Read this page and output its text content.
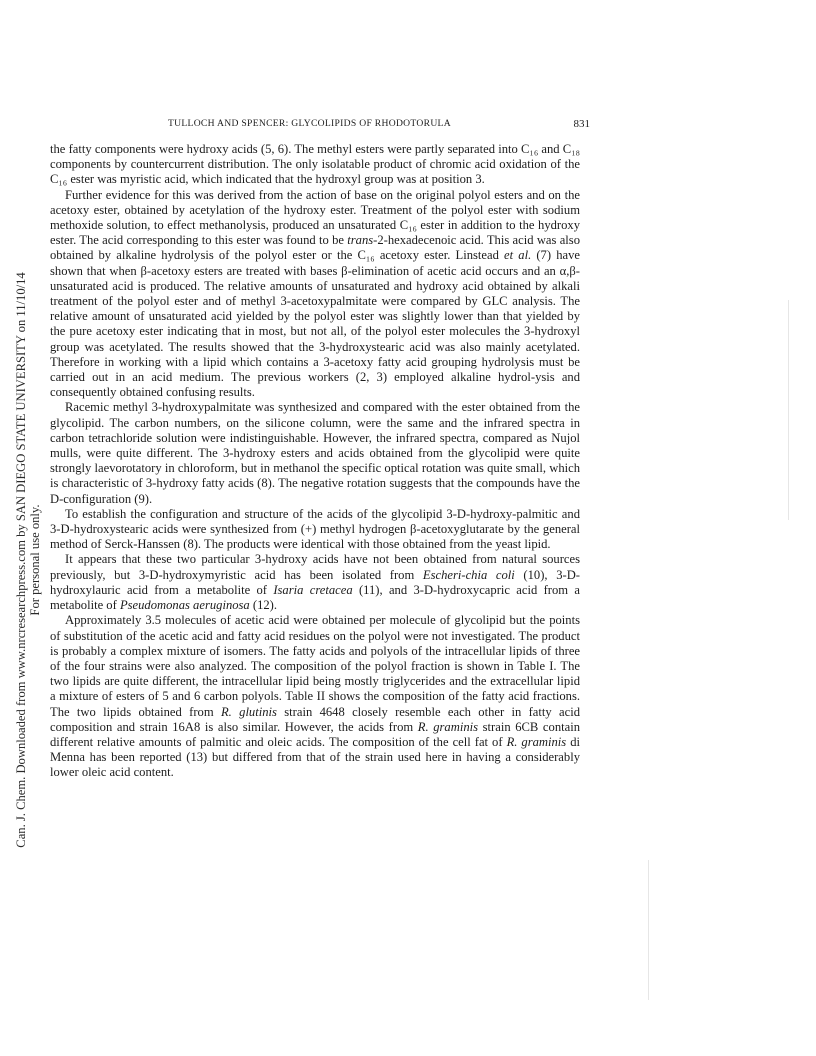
TULLOCH AND SPENCER: GLYCOLIPIDS OF RHODOTORULA	831

the fatty components were hydroxy acids (5, 6). The methyl esters were partly separated into C₁₆ and C₁₈ components by countercurrent distribution. The only isolatable product of chromic acid oxidation of the C₁₆ ester was myristic acid, which indicated that the hydroxyl group was at position 3.

Further evidence for this was derived from the action of base on the original polyol esters and on the acetoxy ester, obtained by acetylation of the hydroxy ester. Treatment of the polyol ester with sodium methoxide solution, to effect methanolysis, produced an unsaturated C₁₆ ester in addition to the hydroxy ester. The acid corresponding to this ester was found to be trans-2-hexadecenoic acid. This acid was also obtained by alkaline hydrolysis of the polyol ester or the C₁₆ acetoxy ester. Linstead et al. (7) have shown that when β-acetoxy esters are treated with bases β-elimination of acetic acid occurs and an α,β-unsaturated acid is produced. The relative amounts of unsaturated and hydroxy acid obtained by alkali treatment of the polyol ester and of methyl 3-acetoxypalmitate were compared by GLC analysis. The relative amount of unsaturated acid yielded by the polyol ester was slightly lower than that yielded by the pure acetoxy ester indicating that in most, but not all, of the polyol ester molecules the 3-hydroxyl group was acetylated. The results showed that the 3-hydroxystearic acid was also mainly acetylated. Therefore in working with a lipid which contains a 3-acetoxy fatty acid grouping hydrolysis must be carried out in an acid medium. The previous workers (2, 3) employed alkaline hydrol-ysis and consequently obtained confusing results.

Racemic methyl 3-hydroxypalmitate was synthesized and compared with the ester obtained from the glycolipid. The carbon numbers, on the silicone column, were the same and the infrared spectra in carbon tetrachloride solution were indistinguishable. However, the infrared spectra, compared as Nujol mulls, were quite different. The 3-hydroxy esters and acids obtained from the glycolipid were quite strongly laevorotatory in chloroform, but in methanol the specific optical rotation was quite small, which is characteristic of 3-hydroxy fatty acids (8). The negative rotation suggests that the compounds have the D-configuration (9).

To establish the configuration and structure of the acids of the glycolipid 3-D-hydroxy-palmitic and 3-D-hydroxystearic acids were synthesized from (+) methyl hydrogen β-acetoxyglutarate by the general method of Serck-Hanssen (8). The products were identical with those obtained from the yeast lipid.

It appears that these two particular 3-hydroxy acids have not been obtained from natural sources previously, but 3-D-hydroxymyristic acid has been isolated from Escheri-chia coli (10), 3-D-hydroxylauric acid from a metabolite of Isaria cretacea (11), and 3-D-hydroxycapric acid from a metabolite of Pseudomonas aeruginosa (12).

Approximately 3.5 molecules of acetic acid were obtained per molecule of glycolipid but the points of substitution of the acetic acid and fatty acid residues on the polyol were not investigated. The product is probably a complex mixture of isomers. The fatty acids and polyols of the intracellular lipids of three of the four strains were also analyzed. The composition of the polyol fraction is shown in Table I. The two lipids are quite different, the intracellular lipid being mostly triglycerides and the extracellular lipid a mixture of esters of 5 and 6 carbon polyols. Table II shows the composition of the fatty acid fractions. The two lipids obtained from R. glutinis strain 4648 closely resemble each other in fatty acid composition and strain 16A8 is also similar. However, the acids from R. graminis strain 6CB contain different relative amounts of palmitic and oleic acids. The composition of the cell fat of R. graminis di Menna has been reported (13) but differed from that of the strain used here in having a considerably lower oleic acid content.

Can. J. Chem. Downloaded from www.nrcresearchpress.com by SAN DIEGO STATE UNIVERSITY on 11/10/14 For personal use only.
